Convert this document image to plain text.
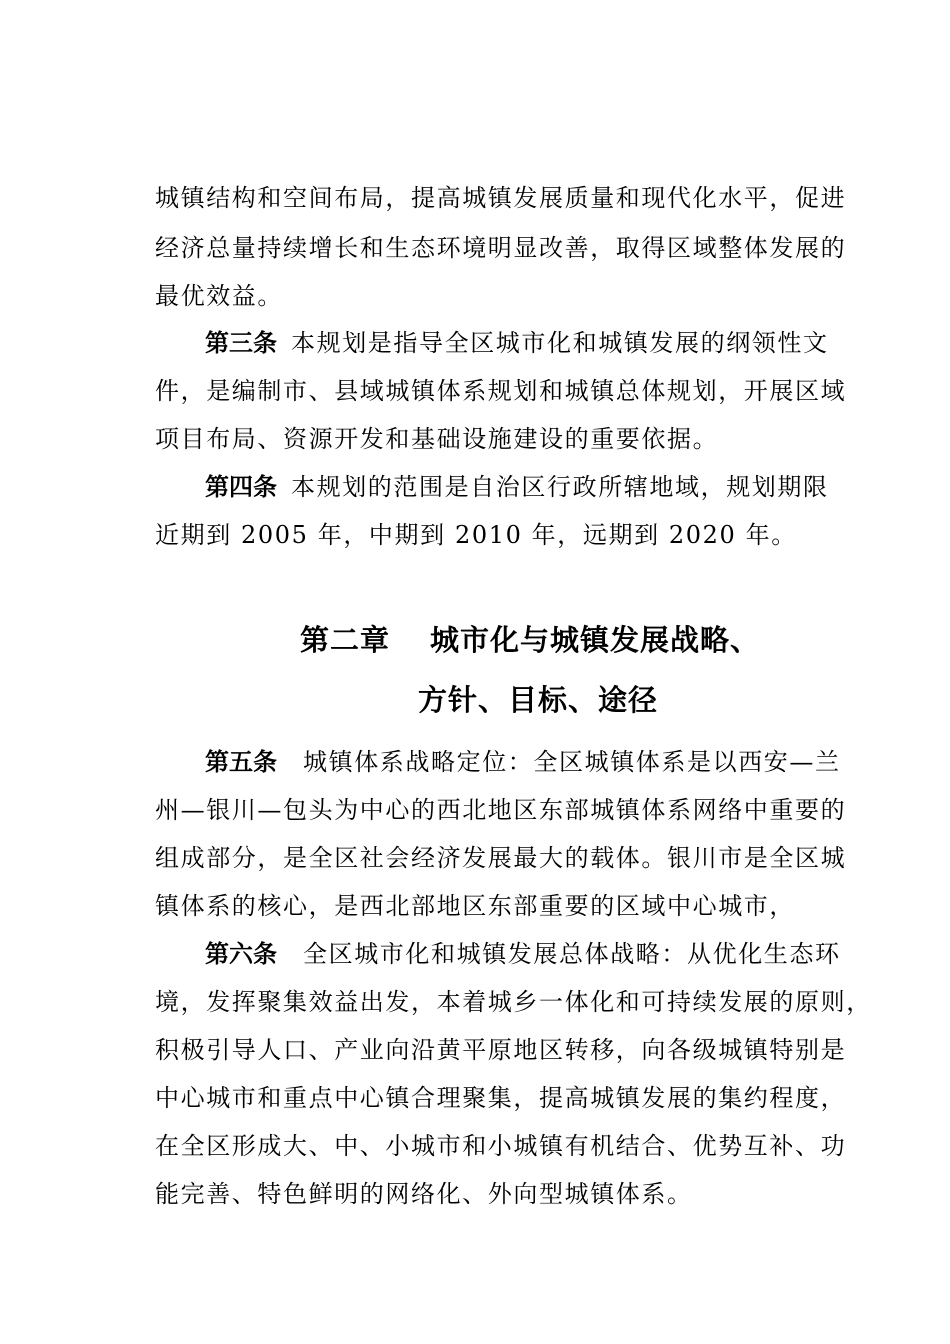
城镇结构和空间布局，提高城镇发展质量和现代化水平，促进
经济总量持续增长和生态环境明显改善，取得区域整体发展的
最优效益。
第三条 本规划是指导全区城市化和城镇发展的纲领性文
件，是编制市、县域城镇体系规划和城镇总体规划，开展区域
项目布局、资源开发和基础设施建设的重要依据。
第四条 本规划的范围是自治区行政所辖地域，规划期限
近期到 2005 年，中期到 2010 年，远期到 2020 年。
第二章 城市化与城镇发展战略、
方针、目标、途径
第五条 城镇体系战略定位：全区城镇体系是以西安—兰
州—银川—包头为中心的西北地区东部城镇体系网络中重要的
组成部分，是全区社会经济发展最大的载体。银川市是全区城
镇体系的核心，是西北部地区东部重要的区域中心城市，
第六条 全区城市化和城镇发展总体战略：从优化生态环
境，发挥聚集效益出发，本着城乡一体化和可持续发展的原则，
积极引导人口、产业向沿黄平原地区转移，向各级城镇特别是
中心城市和重点中心镇合理聚集，提高城镇发展的集约程度，
在全区形成大、中、小城市和小城镇有机结合、优势互补、功
能完善、特色鲜明的网络化、外向型城镇体系。
